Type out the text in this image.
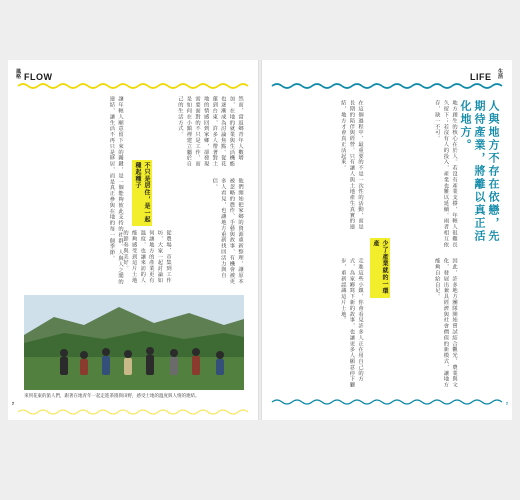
風格 FLOW
然而，當返鄉青年人數增加，在地的就業與生活機能也逐漸成為討論焦點。從花蓮到台東，許多人帶著對土地的情感回到家鄉，卻發現需要面對的不只是工作，而是如何在小鎮裡建立屬於自己的生活方式。
他們開始把家鄉的資源重新整理，讓原本被忽略的農作、手藝與故事，有機會被更多人看見，也讓地方重新找回活力與自信。
不只是居住，是一起種起種子
讓年輕人願意留下來的關鍵，是一個能夠彼此支持的社群。人與人之間的連結，讓生活不再只是移居，而是真正參與在地的每一個季節。	從農場、市集到工作坊，大家一起討論如何讓地方的產業更有溫度，也讓來訪的人能夠感受到這片土地的節奏與美好。
來到花東的旅人們，跟著在地青年一起走進茶園與田野，感受土地的溫度與人情的連結。
⸗
LIFE 生活
人與地方不存在依戀，先期待產業，將離以真正活化地方。
地方創生的核心在於人。若沒有產業支撐，年輕人很難長久留下；若沒有人的投入，產業也難以延續。兩者相互依存，缺一不可。
少了產業就的一環產
因此，許多地方團隊開始嘗試結合觀光、農業與文化，發展出兼具經濟與社會價值的新模式，讓地方能夠自給自足。
在這個過程中，最重要的不是一次性的活動，而是長期的陪伴與經營。只有讓人與土地產生真實的連結，地方才會真正活起來。
走進這些小鎮，你會看見許多人正在用自己的方式，為家鄉寫下新的故事，也讓更多人願意停下腳步，重新認識這片土地。
⸗
